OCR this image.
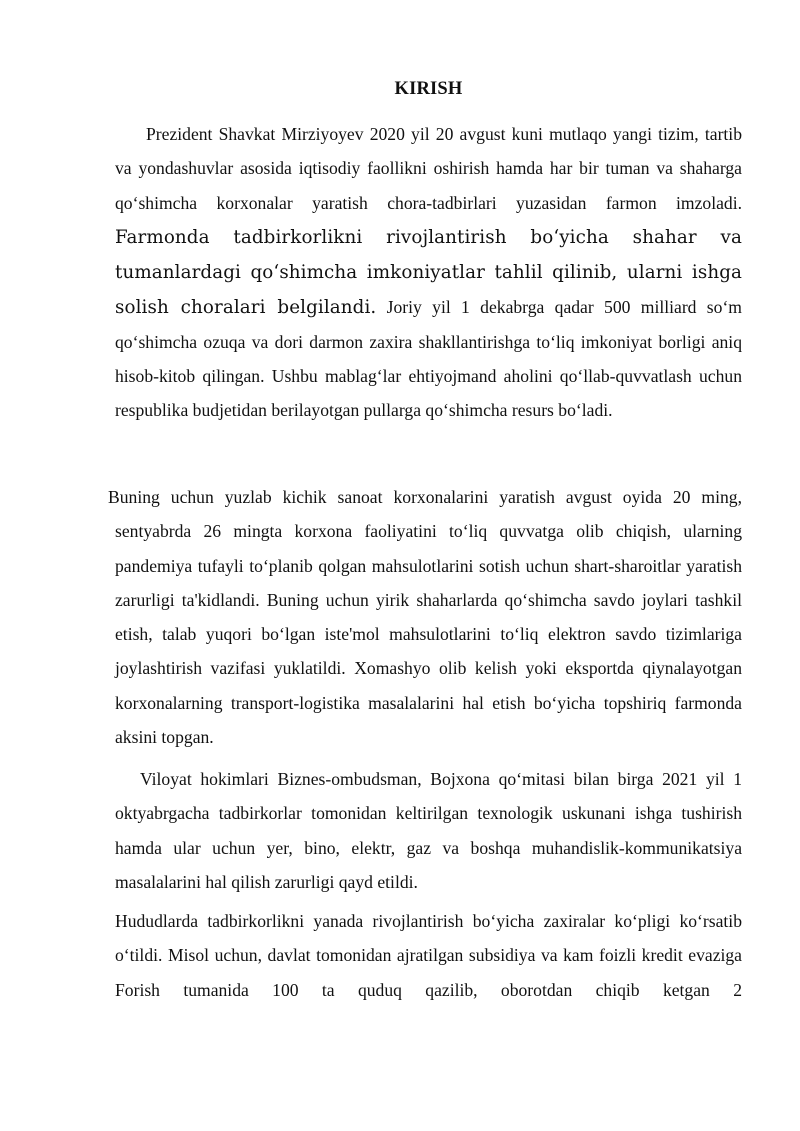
KIRISH

Prezident Shavkat Mirziyoyev 2020 yil 20 avgust kuni mutlaqo yangi tizim, tartib va yondashuvlar asosida iqtisodiy faollikni oshirish hamda har bir tuman va shaharga qo‘shimcha korxonalar yaratish chora-tadbirlari yuzasidan farmon imzoladi. Farmonda tadbirkorlikni rivojlantirish bo‘yicha shahar va tumanlardagi qo‘shimcha imkoniyatlar tahlil qilinib, ularni ishga solish choralari belgilandi. Joriy yil 1 dekabrga qadar 500 milliard so‘m qo‘shimcha ozuqa va dori darmon zaxira shakllantirishga to‘liq imkoniyat borligi aniq hisob-kitob qilingan. Ushbu mablag‘lar ehtiyojmand aholini qo‘llab-quvvatlash uchun respublika budjetidan berilayotgan pullarga qo‘shimcha resurs bo‘ladi.

Buning uchun yuzlab kichik sanoat korxonalarini yaratish avgust oyida 20 ming, sentyabrda 26 mingta korxona faoliyatini to‘liq quvvatga olib chiqish, ularning pandemiya tufayli to‘planib qolgan mahsulotlarini sotish uchun shart-sharoitlar yaratish zarurligi ta'kidlandi. Buning uchun yirik shaharlarda qo‘shimcha savdo joylari tashkil etish, talab yuqori bo‘lgan iste'mol mahsulotlarini to‘liq elektron savdo tizimlariga joylashtirish vazifasi yuklatildi. Xomashyo olib kelish yoki eksportda qiynalayotgan korxonalarning transport-logistika masalalarini hal etish bo‘yicha topshiriq farmonda aksini topgan.

Viloyat hokimlari Biznes-ombudsman, Bojxona qo‘mitasi bilan birga 2021 yil 1 oktyabrgacha tadbirkorlar tomonidan keltirilgan texnologik uskunani ishga tushirish hamda ular uchun yer, bino, elektr, gaz va boshqa muhandislik-kommunikatsiya masalalarini hal qilish zarurligi qayd etildi.

Hududlarda tadbirkorlikni yanada rivojlantirish bo‘yicha zaxiralar ko‘pligi ko‘rsatib o‘tildi. Misol uchun, davlat tomonidan ajratilgan subsidiya va kam foizli kredit evaziga Forish tumanida 100 ta quduq qazilib, oborotdan chiqib ketgan 2
